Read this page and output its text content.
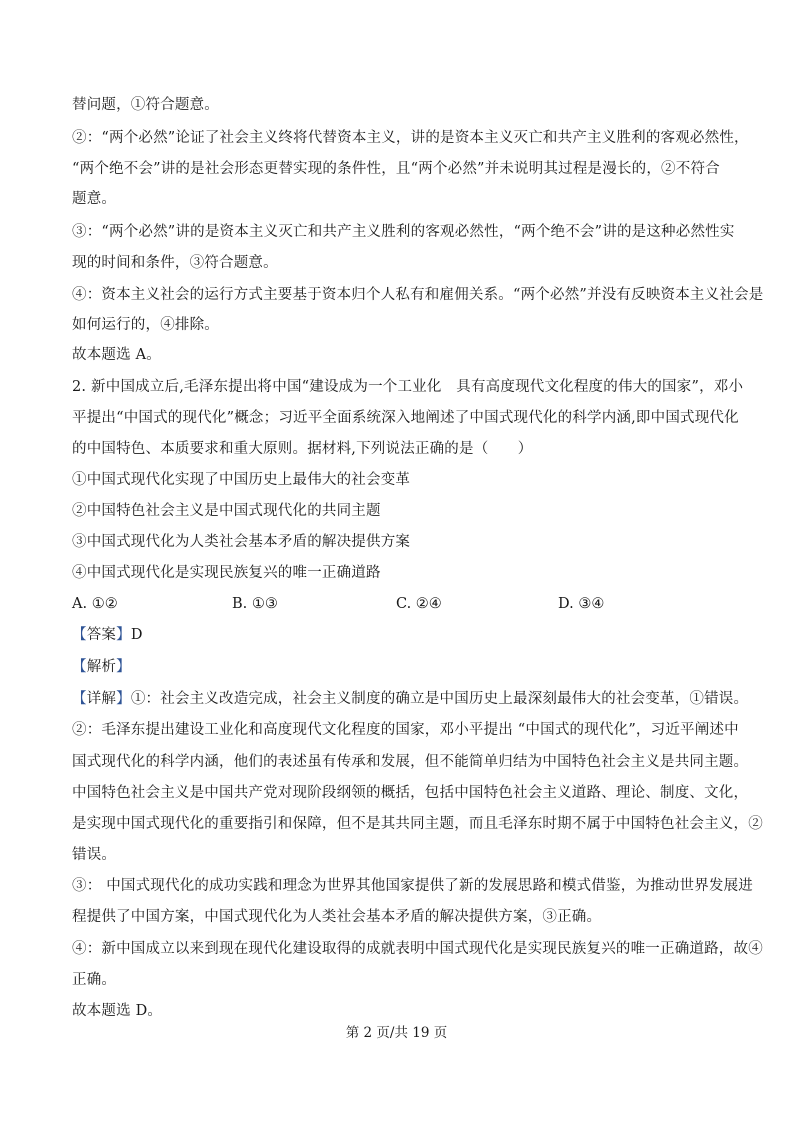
替问题，①符合题意。
②：“两个必然”论证了社会主义终将代替资本主义，讲的是资本主义灭亡和共产主义胜利的客观必然性，
“两个绝不会”讲的是社会形态更替实现的条件性，且“两个必然”并未说明其过程是漫长的，②不符合
题意。
③：“两个必然”讲的是资本主义灭亡和共产主义胜利的客观必然性，“两个绝不会”讲的是这种必然性实
现的时间和条件，③符合题意。
④：资本主义社会的运行方式主要基于资本归个人私有和雇佣关系。“两个必然”并没有反映资本主义社会是
如何运行的，④排除。
故本题选 A。
2. 新中国成立后,毛泽东提出将中国“建设成为一个工业化　具有高度现代文化程度的伟大的国家”，邓小
平提出“中国式的现代化”概念；习近平全面系统深入地阐述了中国式现代化的科学内涵,即中国式现代化
的中国特色、本质要求和重大原则。据材料,下列说法正确的是（　　）
①中国式现代化实现了中国历史上最伟大的社会变革
②中国特色社会主义是中国式现代化的共同主题
③中国式现代化为人类社会基本矛盾的解决提供方案
④中国式现代化是实现民族复兴的唯一正确道路
A. ①②	B. ①③	C. ②④	D. ③④
【答案】D
【解析】
【详解】①：社会主义改造完成，社会主义制度的确立是中国历史上最深刻最伟大的社会变革，①错误。
②：毛泽东提出建设工业化和高度现代文化程度的国家，邓小平提出 “中国式的现代化”，习近平阐述中
国式现代化的科学内涵，他们的表述虽有传承和发展，但不能简单归结为中国特色社会主义是共同主题。
中国特色社会主义是中国共产党对现阶段纲领的概括，包括中国特色社会主义道路、理论、制度、文化，
是实现中国式现代化的重要指引和保障，但不是其共同主题，而且毛泽东时期不属于中国特色社会主义，②
错误。
③： 中国式现代化的成功实践和理念为世界其他国家提供了新的发展思路和模式借鉴，为推动世界发展进
程提供了中国方案，中国式现代化为人类社会基本矛盾的解决提供方案，③正确。
④：新中国成立以来到现在现代化建设取得的成就表明中国式现代化是实现民族复兴的唯一正确道路，故④
正确。
故本题选 D。
第 2 页/共 19 页
